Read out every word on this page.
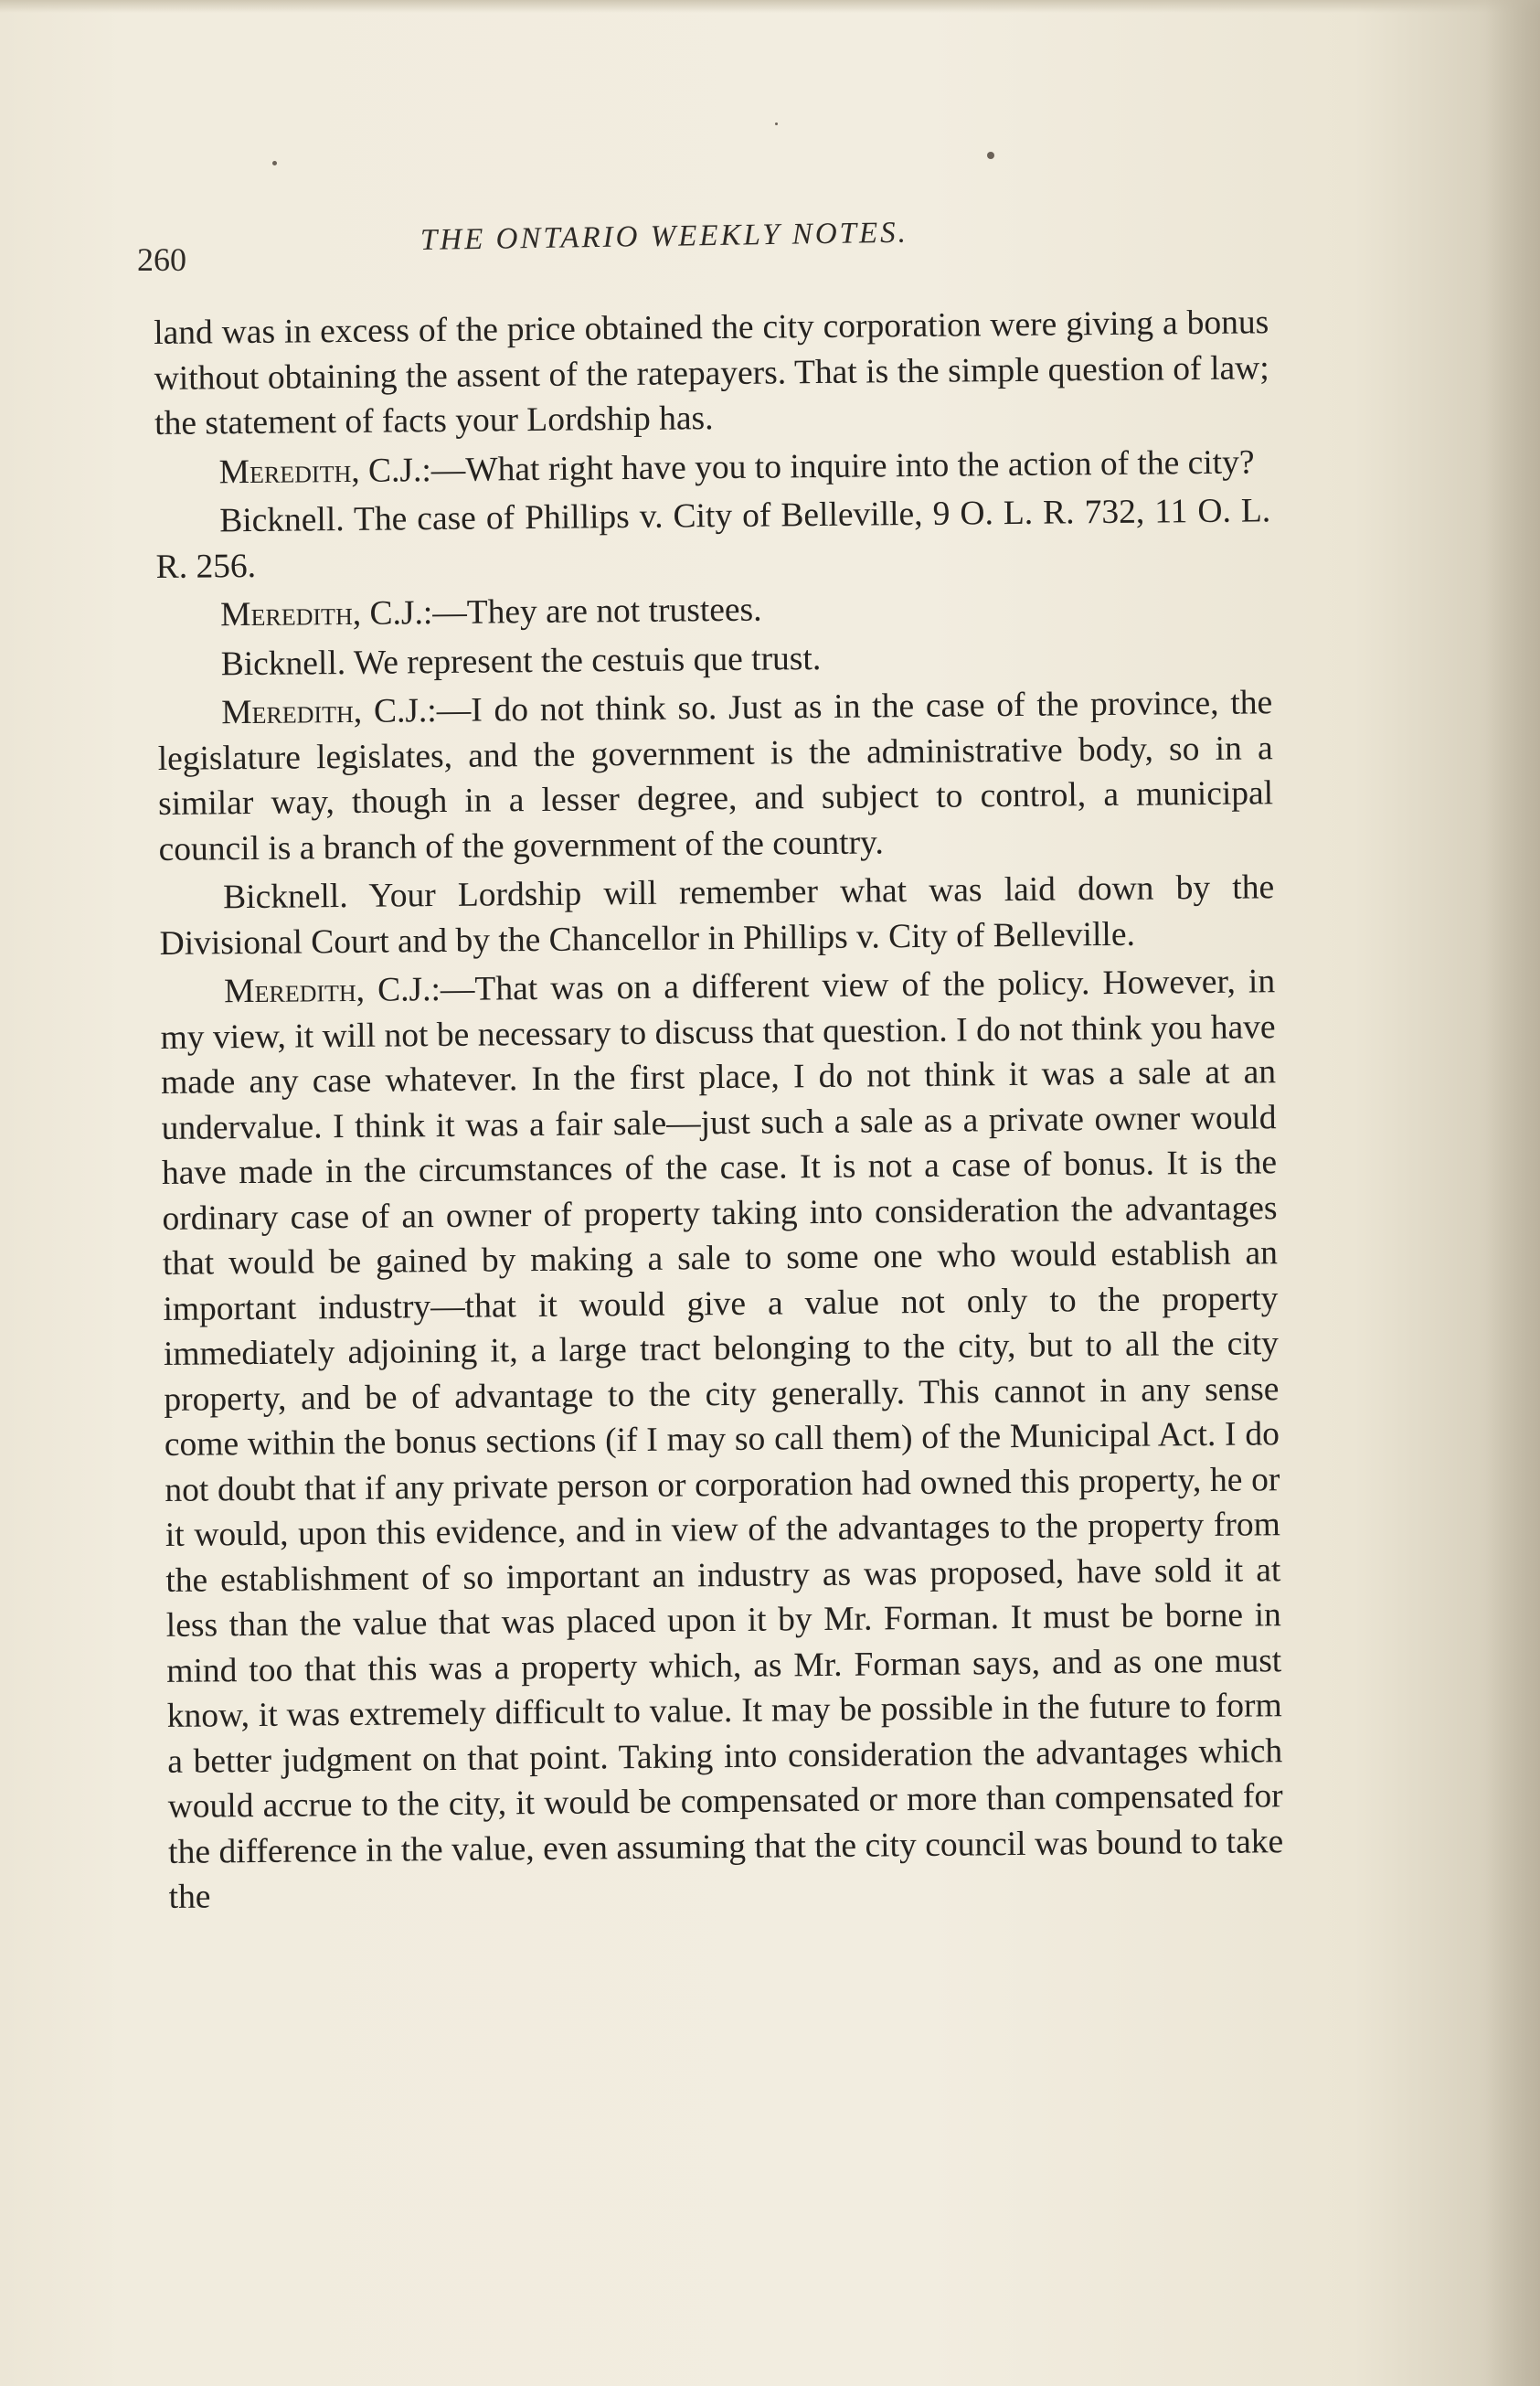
260
THE ONTARIO WEEKLY NOTES.

land was in excess of the price obtained the city corporation were giving a bonus without obtaining the assent of the ratepayers. That is the simple question of law; the statement of facts your Lordship has.

Meredith, C.J.:—What right have you to inquire into the action of the city?

Bicknell. The case of Phillips v. City of Belleville, 9 O. L. R. 732, 11 O. L. R. 256.

Meredith, C.J.:—They are not trustees.

Bicknell. We represent the cestuis que trust.

Meredith, C.J.:—I do not think so. Just as in the case of the province, the legislature legislates, and the government is the administrative body, so in a similar way, though in a lesser degree, and subject to control, a municipal council is a branch of the government of the country.

Bicknell. Your Lordship will remember what was laid down by the Divisional Court and by the Chancellor in Phillips v. City of Belleville.

Meredith, C.J.:—That was on a different view of the policy. However, in my view, it will not be necessary to discuss that question. I do not think you have made any case whatever. In the first place, I do not think it was a sale at an undervalue. I think it was a fair sale—just such a sale as a private owner would have made in the circumstances of the case. It is not a case of bonus. It is the ordinary case of an owner of property taking into consideration the advantages that would be gained by making a sale to some one who would establish an important industry—that it would give a value not only to the property immediately adjoining it, a large tract belonging to the city, but to all the city property, and be of advantage to the city generally. This cannot in any sense come within the bonus sections (if I may so call them) of the Municipal Act. I do not doubt that if any private person or corporation had owned this property, he or it would, upon this evidence, and in view of the advantages to the property from the establishment of so important an industry as was proposed, have sold it at less than the value that was placed upon it by Mr. Forman. It must be borne in mind too that this was a property which, as Mr. Forman says, and as one must know, it was extremely difficult to value. It may be possible in the future to form a better judgment on that point. Taking into consideration the advantages which would accrue to the city, it would be compensated or more than compensated for the difference in the value, even assuming that the city council was bound to take the
